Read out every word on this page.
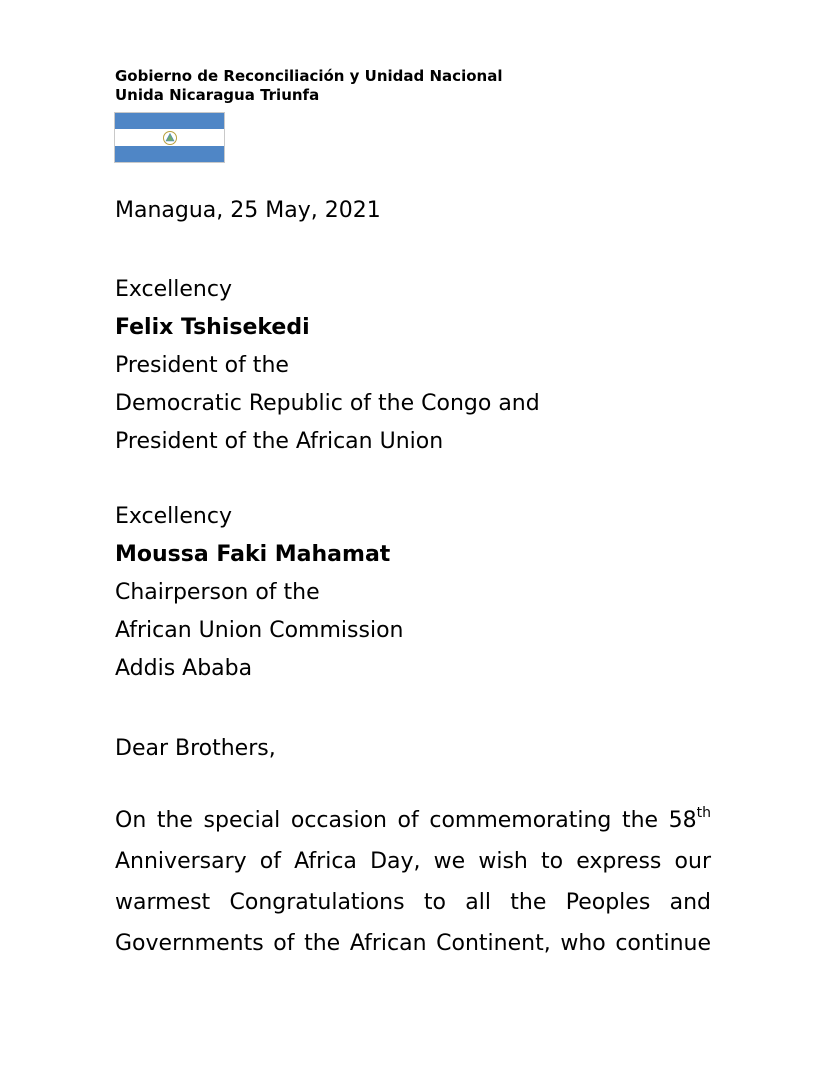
Gobierno de Reconciliación y Unidad Nacional
Unida Nicaragua Triunfa
Managua, 25 May, 2021
Excellency
Felix Tshisekedi
President of the
Democratic Republic of the Congo and
President of the African Union
Excellency
Moussa Faki Mahamat
Chairperson of the
African Union Commission
Addis Ababa
Dear Brothers,
On the special occasion of commemorating the 58th
Anniversary of Africa Day, we wish to express our
warmest Congratulations to all the Peoples and
Governments of the African Continent, who continue
